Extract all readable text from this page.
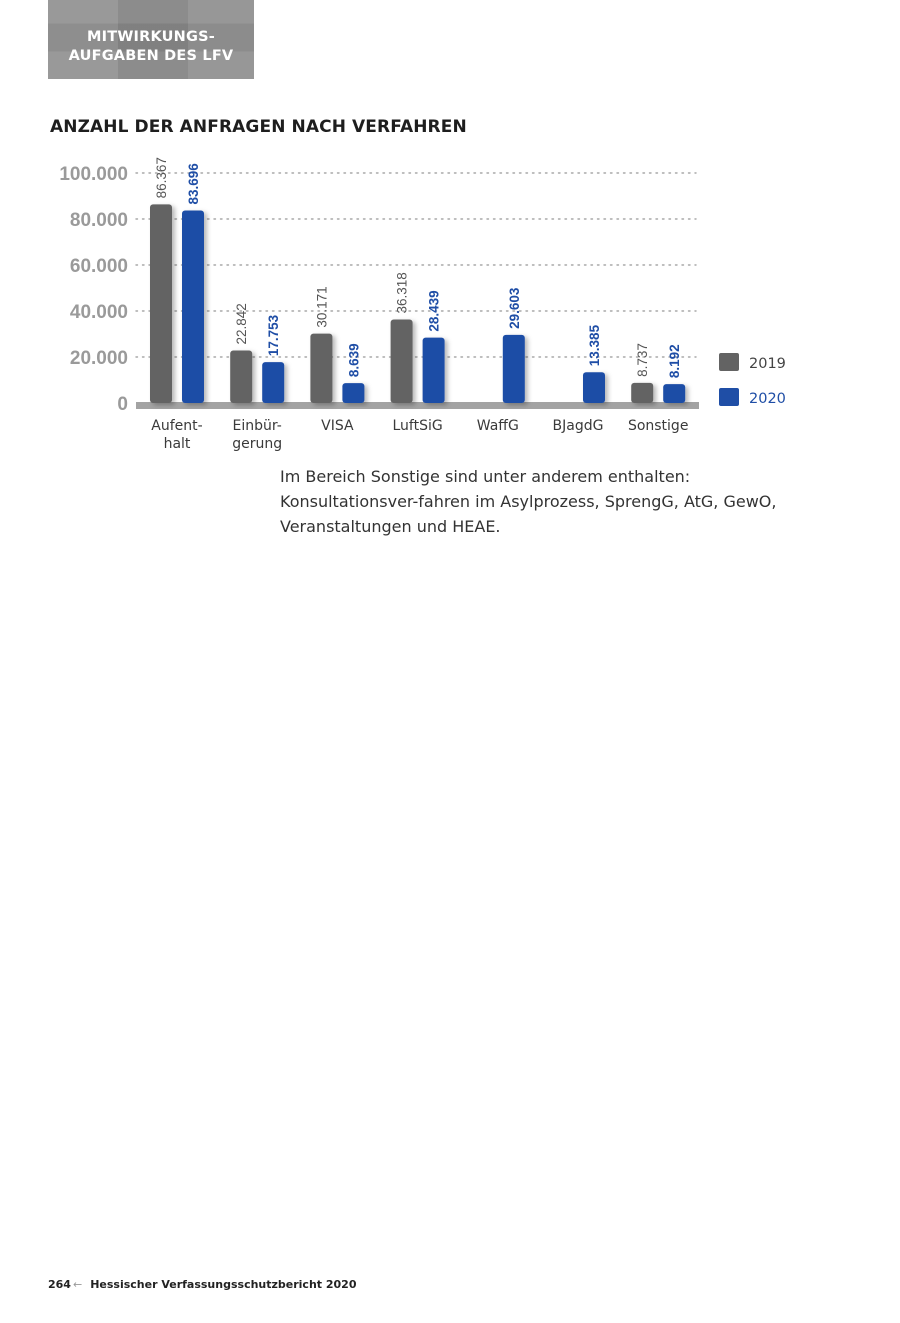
MITWIRKUNGS-
AUFGABEN DES LFV
ANZAHL DER ANFRAGEN NACH VERFAHREN
0
20.000
40.000
60.000
80.000
100.000 86.367 83.696
Aufent-halt
22.842 17.753
Einbür-gerung
30.171
8.639
VISA
36.318 28.439
LuftSiG
29.603
WaffG
13.385
BJagdG
8.737 8.192
Sonstige
2019
2020

Im Bereich Sonstige sind unter anderem enthalten: Konsultationsver-fahren im Asylprozess, SprengG, AtG, GewO, Veranstaltungen und HEAE.

264 ← Hessischer Verfassungsschutzbericht 2020
